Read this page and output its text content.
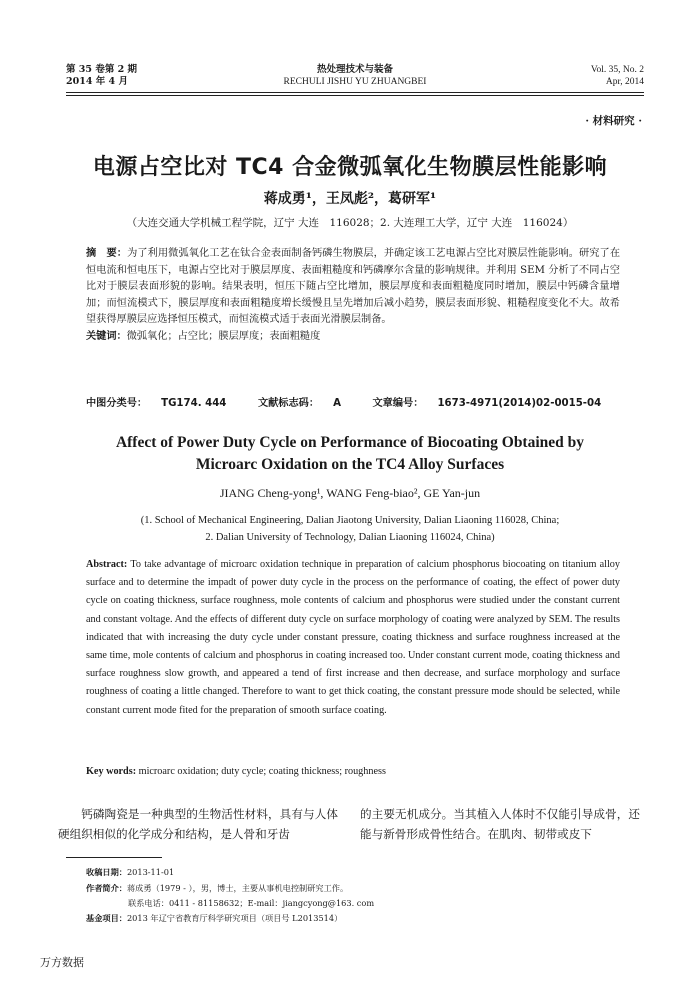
第 35 卷第 2 期
2014 年 4 月
热处理技术与装备
RECHULI JISHU YU ZHUANGBEI
Vol. 35, No. 2
Apr, 2014
· 材料研究 ·
电源占空比对 TC4 合金微弧氧化生物膜层性能影响
蒋成勇¹，王凤彪²，葛研军¹
（大连交通大学机械工程学院，辽宁 大连　116028；2. 大连理工大学，辽宁 大连　116024）
摘　要：为了利用微弧氧化工艺在钛合金表面制备钙磷生物膜层，并确定该工艺电源占空比对膜层性能影响。研究了在恒电流和恒电压下，电源占空比对于膜层厚度、表面粗糙度和钙磷摩尔含量的影响规律。并利用 SEM 分析了不同占空比对于膜层表面形貌的影响。结果表明，恒压下随占空比增加，膜层厚度和表面粗糙度同时增加，膜层中钙磷含量增加；而恒流模式下，膜层厚度和表面粗糙度増长缓慢且呈先增加后减小趋势，膜层表面形貌、粗糙程度变化不大。故希望获得厚膜层应选择恒压模式，而恒流模式适于表面光滑膜层制备。
关键词：微弧氧化；占空比；膜层厚度；表面粗糙度
中图分类号： TG174. 444	文献标志码： A	文章编号： 1673-4971(2014)02-0015-04
Affect of Power Duty Cycle on Performance of Biocoating Obtained by
Microarc Oxidation on the TC4 Alloy Surfaces
JIANG Cheng-yong¹, WANG Feng-biao², GE Yan-jun
(1. School of Mechanical Engineering, Dalian Jiaotong University, Dalian Liaoning 116028, China;
2. Dalian University of Technology, Dalian Liaoning 116024, China)
Abstract: To take advantage of microarc oxidation technique in preparation of calcium phosphorus biocoating on titanium alloy surface and to determine the impadt of power duty cycle in the process on the performance of coating, the effect of power duty cycle on coating thickness, surface roughness, mole contents of calcium and phosphorus were studied under the constant current and constant voltage. And the effects of different duty cycle on surface morphology of coating were analyzed by SEM. The results indicated that with increasing the duty cycle under constant pressure, coating thickness and surface roughness increased at the same time, mole contents of calcium and phosphorus in coating increased too. Under constant current mode, coating thickness and surface roughness slow growth, and appeared a tend of first increase and then decrease, and surface morphology and surface roughness of coating a little changed. Therefore to want to get thick coating, the constant pressure mode should be selected, while constant current mode fited for the preparation of smooth surface coating.
Key words: microarc oxidation; duty cycle; coating thickness; roughness
钙磷陶瓷是一种典型的生物活性材料，具有与人体硬组织相似的化学成分和结构，是人骨和牙齿
的主要无机成分。当其植入人体时不仅能引导成骨，还能与新骨形成骨性结合。在肌肉、韧带或皮下
收稿日期：2013-11-01
作者简介：蒋成勇（1979 - ），男，博士，主要从事机电控制研究工作。
联系电话：0411 - 81158632；E-mail：jiangcyong@163. com
基金项目：2013 年辽宁省教育厅科学研究项目（项目号 L2013514）
万方数据
